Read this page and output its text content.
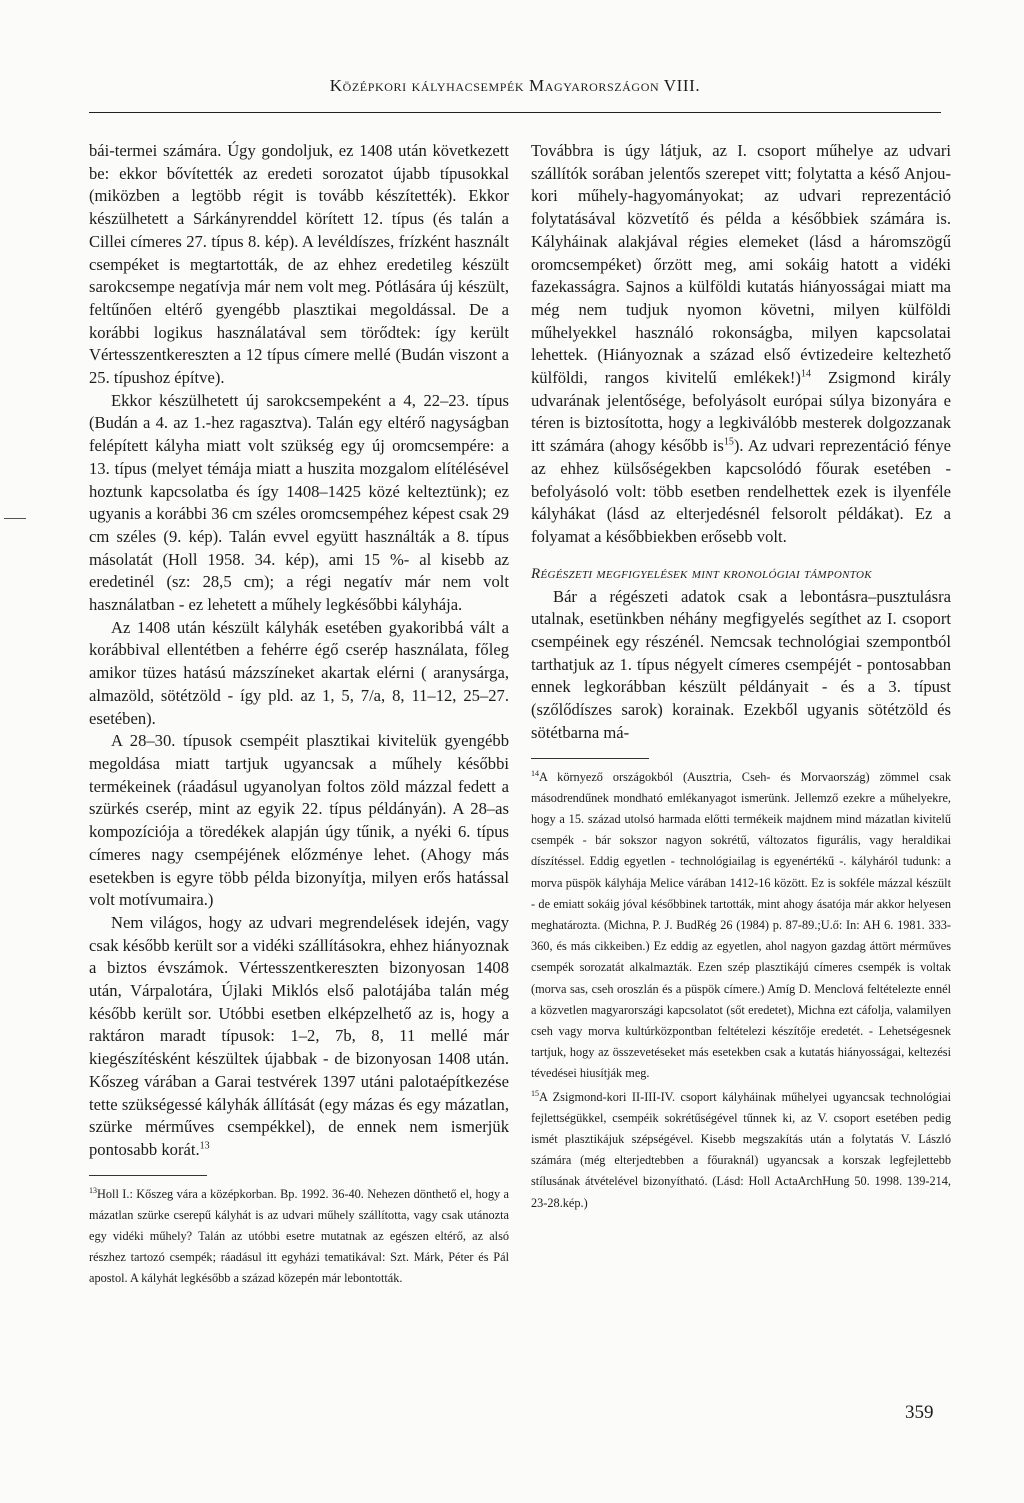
Középkori kályhacsempék Magyarországon VIII.

bái-termei számára. Úgy gondoljuk, ez 1408 után következett be: ekkor bővítették az eredeti sorozatot újabb típusokkal (miközben a legtöbb régit is tovább készítették). Ekkor készülhetett a Sárkányrenddel körített 12. típus (és talán a Cillei címeres 27. típus 8. kép). A levéldíszes, frízként használt csempéket is megtartották, de az ehhez eredetileg készült sarokcsempe negatívja már nem volt meg. Pótlására új készült, feltűnően eltérő gyengébb plasztikai megoldással. De a korábbi logikus használatával sem törődtek: így került Vértesszentkereszten a 12 típus címere mellé (Budán viszont a 25. típushoz építve).

Ekkor készülhetett új sarokcsempeként a 4, 22–23. típus (Budán a 4. az 1.-hez ragasztva). Talán egy eltérő nagyságban felépített kályha miatt volt szükség egy új oromcsempére: a 13. típus (melyet témája miatt a huszita mozgalom elítélésével hoztunk kapcsolatba és így 1408–1425 közé kelteztünk); ez ugyanis a korábbi 36 cm széles oromcsempéhez képest csak 29 cm széles (9. kép). Talán evvel együtt használták a 8. típus másolatát (Holl 1958. 34. kép), ami 15 %- al kisebb az eredetinél (sz: 28,5 cm); a régi negatív már nem volt használatban - ez lehetett a műhely legkésőbbi kályhája.

Az 1408 után készült kályhák esetében gyakoribbá vált a korábbival ellentétben a fehérre égő cserép használata, főleg amikor tüzes hatású mázszíneket akartak elérni ( aranysárga, almazöld, sötétzöld - így pld. az 1, 5, 7/a, 8, 11–12, 25–27. esetében).

A 28–30. típusok csempéit plasztikai kivitelük gyengébb megoldása miatt tartjuk ugyancsak a műhely későbbi termékeinek (ráadásul ugyanolyan foltos zöld mázzal fedett a szürkés cserép, mint az egyik 22. típus példányán). A 28–as kompozíciója a töredékek alapján úgy tűnik, a nyéki 6. típus címeres nagy csempéjének előzménye lehet. (Ahogy más esetekben is egyre több példa bizonyítja, milyen erős hatással volt motívumaira.)

Nem világos, hogy az udvari megrendelések idején, vagy csak később került sor a vidéki szállításokra, ehhez hiányoznak a biztos évszámok. Vértesszentkereszten bizonyosan 1408 után, Várpalotára, Újlaki Miklós első palotájába talán még később került sor. Utóbbi esetben elképzelhető az is, hogy a raktáron maradt típusok: 1–2, 7b, 8, 11 mellé már kiegészítésként készültek újabbak - de bizonyosan 1408 után. Kőszeg várában a Garai testvérek 1397 utáni palotaépítkezése tette szükségessé kályhák állítását (egy mázas és egy mázatlan, szürke mérműves csempékkel), de ennek nem ismerjük pontosabb korát.$^{13}$

$^{13}$Holl I.: Kőszeg vára a középkorban. Bp. 1992. 36-40. Nehezen dönthető el, hogy a mázatlan szürke cserepű kályhát is az udvari műhely szállította, vagy csak utánozta egy vidéki műhely? Talán az utóbbi esetre mutatnak az egészen eltérő, az alsó részhez tartozó csempék; ráadásul itt egyházi tematikával: Szt. Márk, Péter és Pál apostol. A kályhát legkésőbb a század közepén már lebontották.

Továbbra is úgy látjuk, az I. csoport műhelye az udvari szállítók sorában jelentős szerepet vitt; folytatta a késő Anjou-kori műhely-hagyományokat; az udvari reprezentáció folytatásával közvetítő és példa a későbbiek számára is. Kályháinak alakjával régies elemeket (lásd a háromszögű oromcsempéket) őrzött meg, ami sokáig hatott a vidéki fazekasságra. Sajnos a külföldi kutatás hiányosságai miatt ma még nem tudjuk nyomon követni, milyen külföldi műhelyekkel használó rokonságba, milyen kapcsolatai lehettek. (Hiányoznak a század első évtizedeire keltezhető külföldi, rangos kivitelű emlékek!)$^{14}$ Zsigmond király udvarának jelentősége, befolyásolt európai súlya bizonyára e téren is biztosította, hogy a legkiválóbb mesterek dolgozzanak itt számára (ahogy később $is^{15}$). Az udvari reprezentáció fénye az ehhez külsőségekben kapcsolódó főurak esetében - befolyásoló volt: több esetben rendelhettek ezek is ilyenféle kályhákat (lásd az elterjedésnél felsorolt példákat). Ez a folyamat a későbbiekben erősebb volt.

Régészeti megfigyelések mint kronológiai támpontok

Bár a régészeti adatok csak a lebontásra–pusztulásra utalnak, esetünkben néhány megfigyelés segíthet az I. csoport csempéinek egy részénél. Nemcsak technológiai szempontból tarthatjuk az 1. típus négyelt címeres csempéjét - pontosabban ennek legkorábban készült példányait - és a 3. típust (szőlődíszes sarok) korainak. Ezekből ugyanis sötétzöld és sötétbarna má-

$^{14}$A környező országokból (Ausztria, Cseh- és Morvaország) zömmel csak másodrendűnek mondható emlékanyagot ismerünk. Jellemző ezekre a műhelyekre, hogy a 15. század utolsó harmada előtti termékeik majdnem mind mázatlan kivitelű csempék - bár sokszor nagyon sokrétű, változatos figurális, vagy heraldikai díszítéssel. Eddig egyetlen - technológiailag is egyenértékű -. kályháról tudunk: a morva püspök kályhája Melice várában 1412-16 között. Ez is sokféle mázzal készült - de emiatt sokáig jóval későbbinek tartották, mint ahogy ásatója már akkor helyesen meghatározta. (Michna, P. J. BudRég 26 (1984) p. 87-89.;U.ő: In: AH 6. 1981. 333-360, és más cikkeiben.) Ez eddig az egyetlen, ahol nagyon gazdag áttört mérműves csempék sorozatát alkalmazták. Ezen szép plasztikájú címeres csempék is voltak (morva sas, cseh oroszlán és a püspök címere.) Amíg D. Menclová feltételezte ennél a közvetlen magyarországi kapcsolatot (sőt eredetet), Michna ezt cáfolja, valamilyen cseh vagy morva kultúrközpontban feltételezi készítője eredetét. - Lehetségesnek tartjuk, hogy az összevetéseket más esetekben csak a kutatás hiányosságai, keltezési tévedései hiusítják meg.

$^{15}$A Zsigmond-kori II-III-IV. csoport kályháinak műhelyei ugyancsak technológiai fejlettségükkel, csempéik sokrétűségével tűnnek ki, az V. csoport esetében pedig ismét plasztikájuk szépségével. Kisebb megszakítás után a folytatás V. László számára (még elterjedtebben a főuraknál) ugyancsak a korszak legfejlettebb stílusának átvételével bizonyítható. (Lásd: Holl ActaArchHung 50. 1998. 139-214, 23-28.kép.)

359
